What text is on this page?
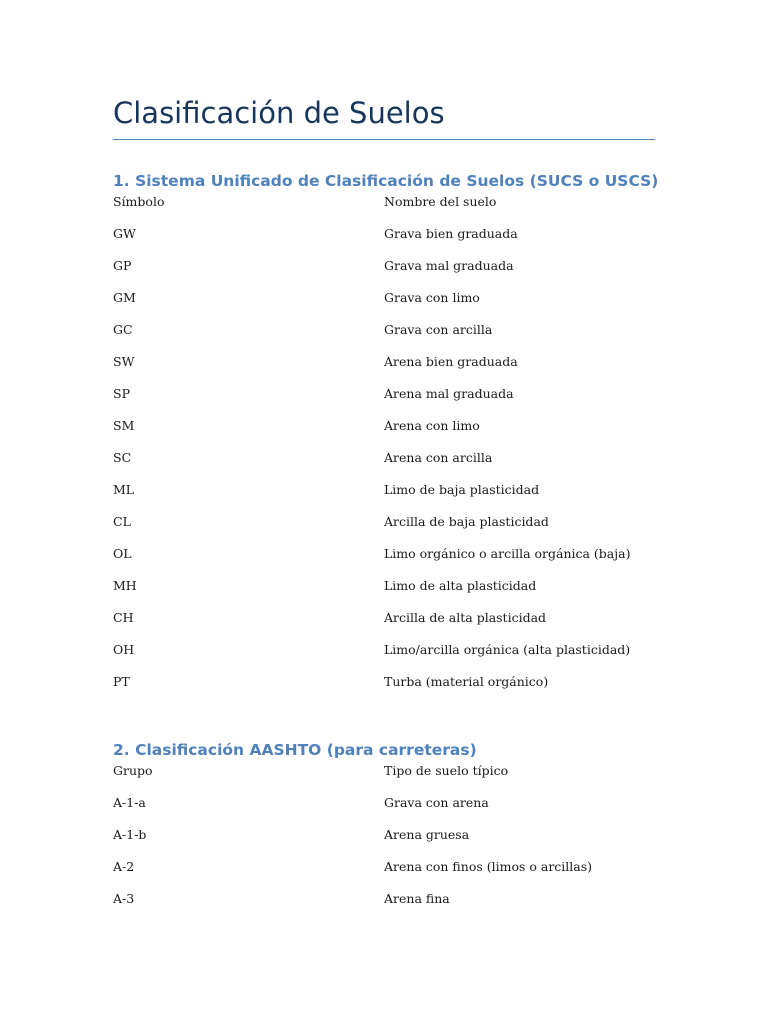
Clasificación de Suelos
1. Sistema Unificado de Clasificación de Suelos (SUCS o USCS)
Símbolo	Nombre del suelo
GW	Grava bien graduada
GP	Grava mal graduada
GM	Grava con limo
GC	Grava con arcilla
SW	Arena bien graduada
SP	Arena mal graduada
SM	Arena con limo
SC	Arena con arcilla
ML	Limo de baja plasticidad
CL	Arcilla de baja plasticidad
OL	Limo orgánico o arcilla orgánica (baja)
MH	Limo de alta plasticidad
CH	Arcilla de alta plasticidad
OH	Limo/arcilla orgánica (alta plasticidad)
PT	Turba (material orgánico)
2. Clasificación AASHTO (para carreteras)
Grupo	Tipo de suelo típico
A-1-a	Grava con arena
A-1-b	Arena gruesa
A-2	Arena con finos (limos o arcillas)
A-3	Arena fina
